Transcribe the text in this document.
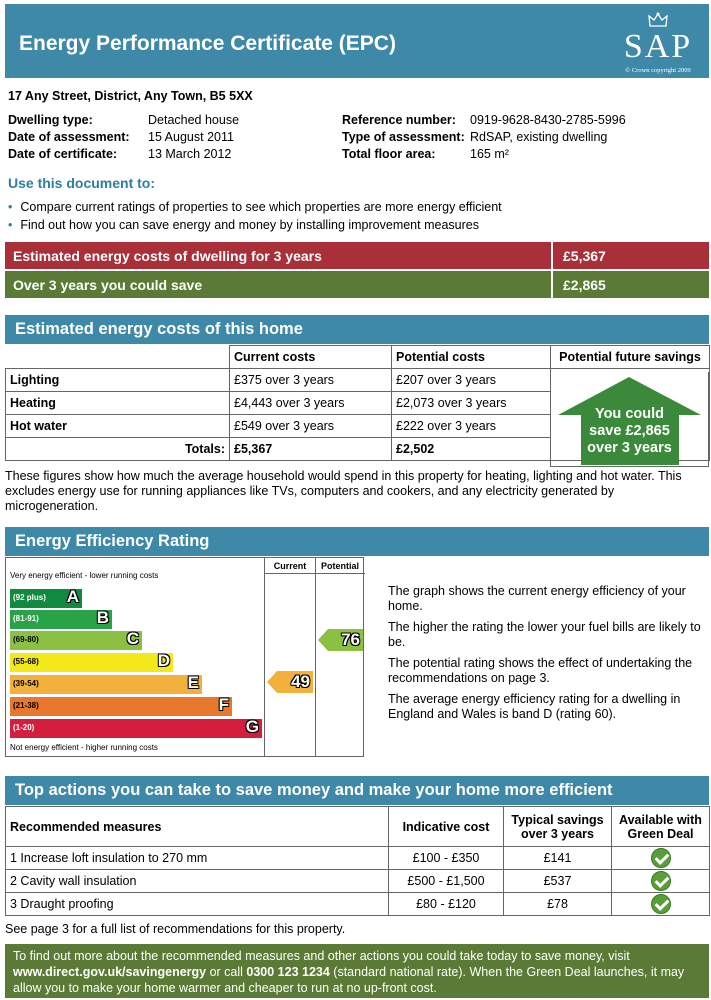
Energy Performance Certificate (EPC)	SAP
© Crown copyright 2009
17 Any Street, District, Any Town, B5 5XX
Dwelling type:	Detached house
Date of assessment: 15 August 2011
Date of certificate: 13 March 2012
Reference number: 0919-9628-8430-2785-5996
Type of assessment: RdSAP, existing dwelling
Total floor area:	165 m²
Use this document to:
• Compare current ratings of properties to see which properties are more energy efficient
• Find out how you can save energy and money by installing improvement measures
Estimated energy costs of dwelling for 3 years	£5,367
Over 3 years you could save	£2,865
Estimated energy costs of this home
	Current costs	Potential costs	Potential future savings
Lighting	£375 over 3 years	£207 over 3 years	
Heating	£4,443 over 3 years	£2,073 over 3 years	
Hot water	£549 over 3 years	£222 over 3 years	
Totals:	£5,367	£2,502	
You could
save £2,865
over 3 years
These figures show how much the average household would spend in this property for heating, lighting and hot water. This excludes energy use for running appliances like TVs, computers and cookers, and any electricity generated by microgeneration.
Energy Efficiency Rating
Current	Potential
Very energy efficient - lower running costs
(92 plus) A
(81-91)	B
(69-80)	C
(55-68)	D
(39-54)	E
(21-38)	F
(1-20)	G
Not energy efficient - higher running costs
49
76

The graph shows the current energy efficiency of your home.

The higher the rating the lower your fuel bills are likely to be.

The potential rating shows the effect of undertaking the recommendations on page 3.

The average energy efficiency rating for a dwelling in England and Wales is band D (rating 60).

Top actions you can take to save money and make your home more efficient
Recommended measures	Indicative cost	Typical savings over 3 years	Available with Green Deal
1 Increase loft insulation to 270 mm	£100 - £350	£141	
2 Cavity wall insulation	£500 - £1,500	£537	
3 Draught proofing	£80 - £120	£78	
See page 3 for a full list of recommendations for this property.
To find out more about the recommended measures and other actions you could take today to save money, visit www.direct.gov.uk/savingenergy or call 0300 123 1234 (standard national rate). When the Green Deal launches, it may allow you to make your home warmer and cheaper to run at no up-front cost.
